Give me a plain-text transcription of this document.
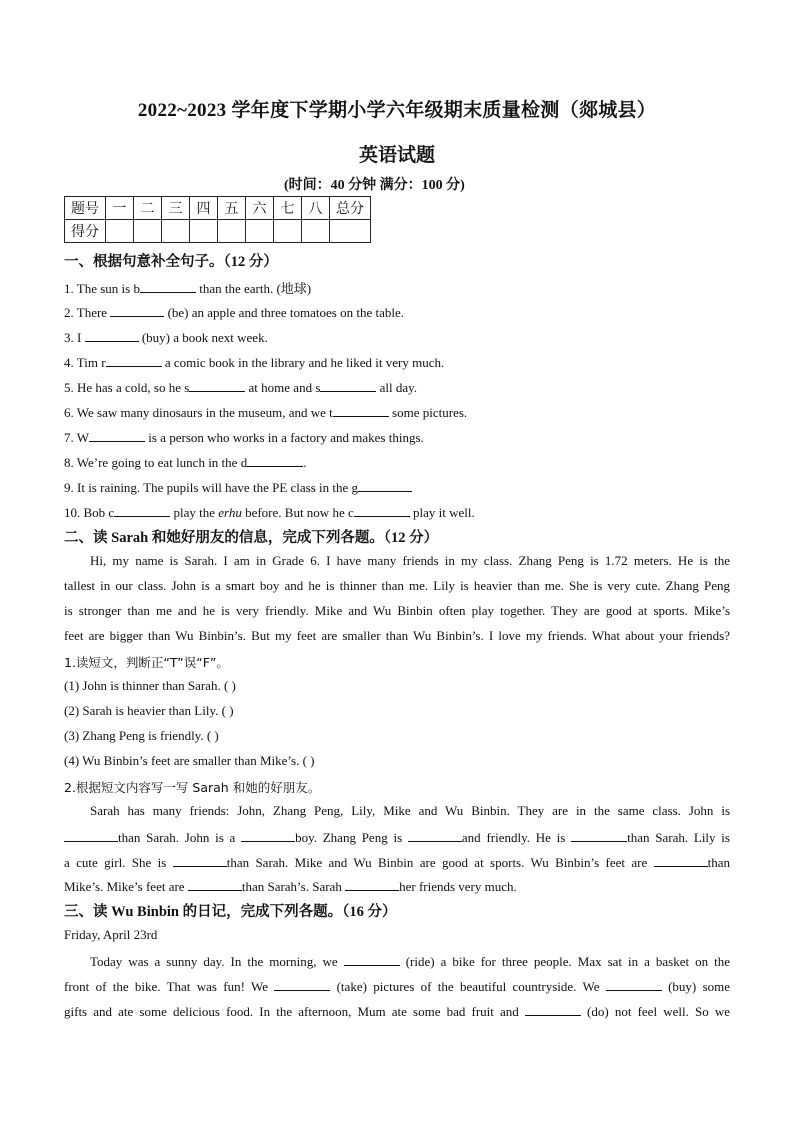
2022~2023 学年度下学期小学六年级期末质量检测（郯城县）
英语试题
(时间：40 分钟 满分：100 分)
题号	一	二	三	四	五	六	七	八	总分
得分									
一、根据句意补全句子。（12 分）
1. The sun is b	than the earth. (地球)
2. There	(be) an apple and three tomatoes on the table.
3. I	(buy) a book next week.
4. Tim r	a comic book in the library and he liked it very much.
5. He has a cold, so he s	at home and s	all day.
6. We saw many dinosaurs in the museum, and we t	some pictures.
7. W	is a person who works in a factory and makes things.
8. We’re going to eat lunch in the d	.
9. It is raining. The pupils will have the PE class in the g
10. Bob c	play the erhu before. But now he c	play it well.
二、读 Sarah 和她好朋友的信息，完成下列各题。（12 分）
Hi, my name is Sarah. I am in Grade 6. I have many friends in my class. Zhang Peng is 1.72 meters. He is the
tallest in our class. John is a smart boy and he is thinner than me. Lily is heavier than me. She is very cute. Zhang Peng
is stronger than me and he is very friendly. Mike and Wu Binbin often play together. They are good at sports. Mike’s
feet are bigger than Wu Binbin’s. But my feet are smaller than Wu Binbin’s. I love my friends. What about your friends?
1.读短文，判断正“T”误“F”。
(1) John is thinner than Sarah. ( )
(2) Sarah is heavier than Lily. ( )
(3) Zhang Peng is friendly. ( )
(4) Wu Binbin’s feet are smaller than Mike’s. ( )
2.根据短文内容写一写 Sarah 和她的好朋友。
Sarah has many friends: John, Zhang Peng, Lily, Mike and Wu Binbin. They are in the same class. John is
than Sarah. John is a	boy. Zhang Peng is	and friendly. He is	than Sarah. Lily is
a cute girl. She is	than Sarah. Mike and Wu Binbin are good at sports. Wu Binbin’s feet are	than
Mike’s. Mike’s feet are	than Sarah’s. Sarah	her friends very much.
三、读 Wu Binbin 的日记，完成下列各题。（16 分）
Friday, April 23rd
Today was a sunny day. In the morning, we	(ride) a bike for three people. Max sat in a basket on the
front of the bike. That was fun! We	(take) pictures of the beautiful countryside. We	(buy) some
gifts and ate some delicious food. In the afternoon, Mum ate some bad fruit and	(do) not feel well. So we
